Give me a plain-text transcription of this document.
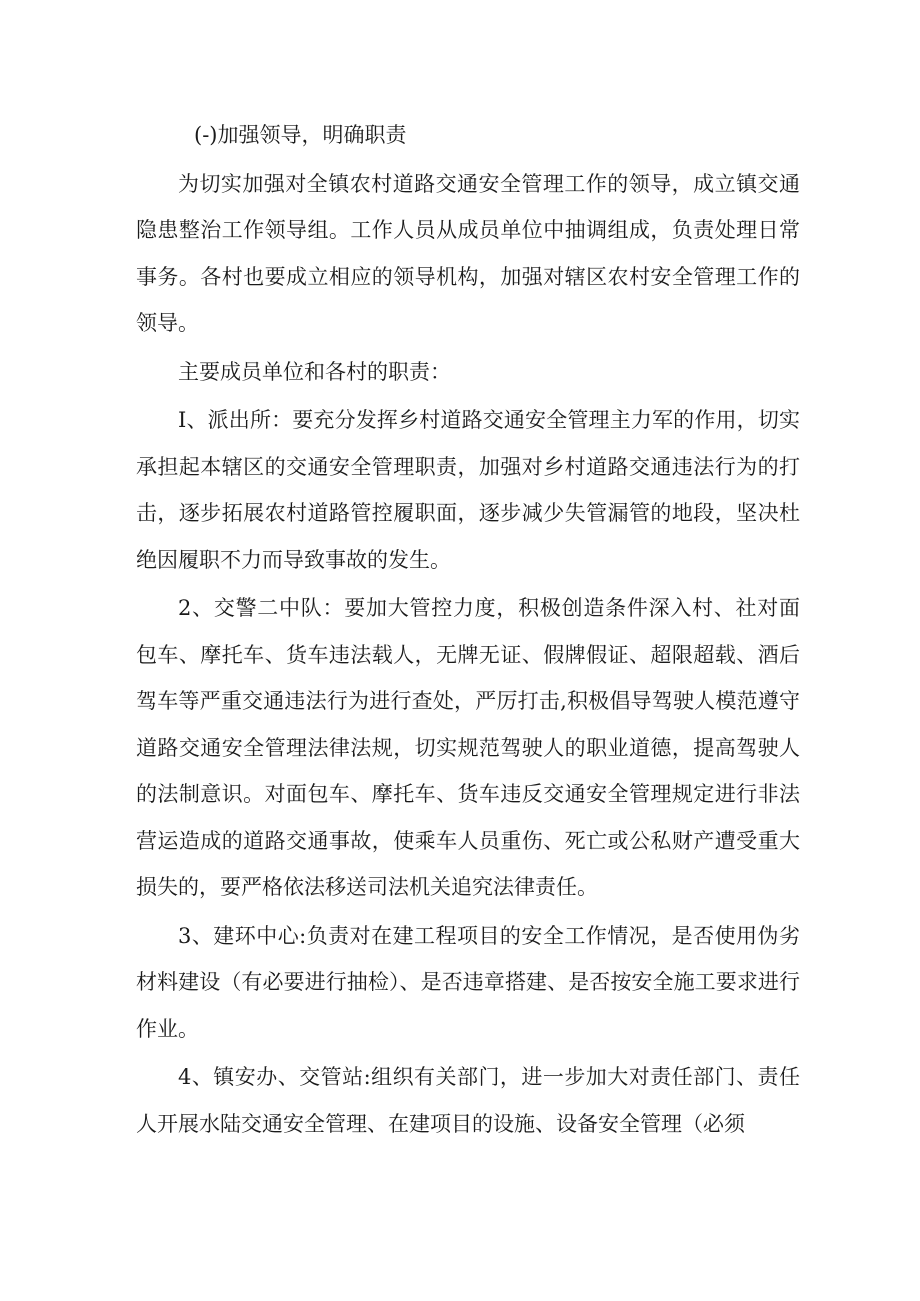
(-)加强领导，明确职责

为切实加强对全镇农村道路交通安全管理工作的领导，成立镇交通隐患整治工作领导组。工作人员从成员单位中抽调组成，负责处理日常事务。各村也要成立相应的领导机构，加强对辖区农村安全管理工作的领导。

主要成员单位和各村的职责：

I、派出所：要充分发挥乡村道路交通安全管理主力军的作用，切实承担起本辖区的交通安全管理职责，加强对乡村道路交通违法行为的打击，逐步拓展农村道路管控履职面，逐步减少失管漏管的地段，坚决杜绝因履职不力而导致事故的发生。

2、交警二中队：要加大管控力度，积极创造条件深入村、社对面包车、摩托车、货车违法载人，无牌无证、假牌假证、超限超载、酒后驾车等严重交通违法行为进行查处，严厉打击,积极倡导驾驶人模范遵守道路交通安全管理法律法规，切实规范驾驶人的职业道德，提高驾驶人的法制意识。对面包车、摩托车、货车违反交通安全管理规定进行非法营运造成的道路交通事故，使乘车人员重伤、死亡或公私财产遭受重大损失的，要严格依法移送司法机关追究法律责任。

3、建环中心:负责对在建工程项目的安全工作情况，是否使用伪劣材料建设（有必要进行抽检）、是否违章搭建、是否按安全施工要求进行作业。

4、镇安办、交管站:组织有关部门，进一步加大对责任部门、责任人开展水陆交通安全管理、在建项目的设施、设备安全管理（必须
